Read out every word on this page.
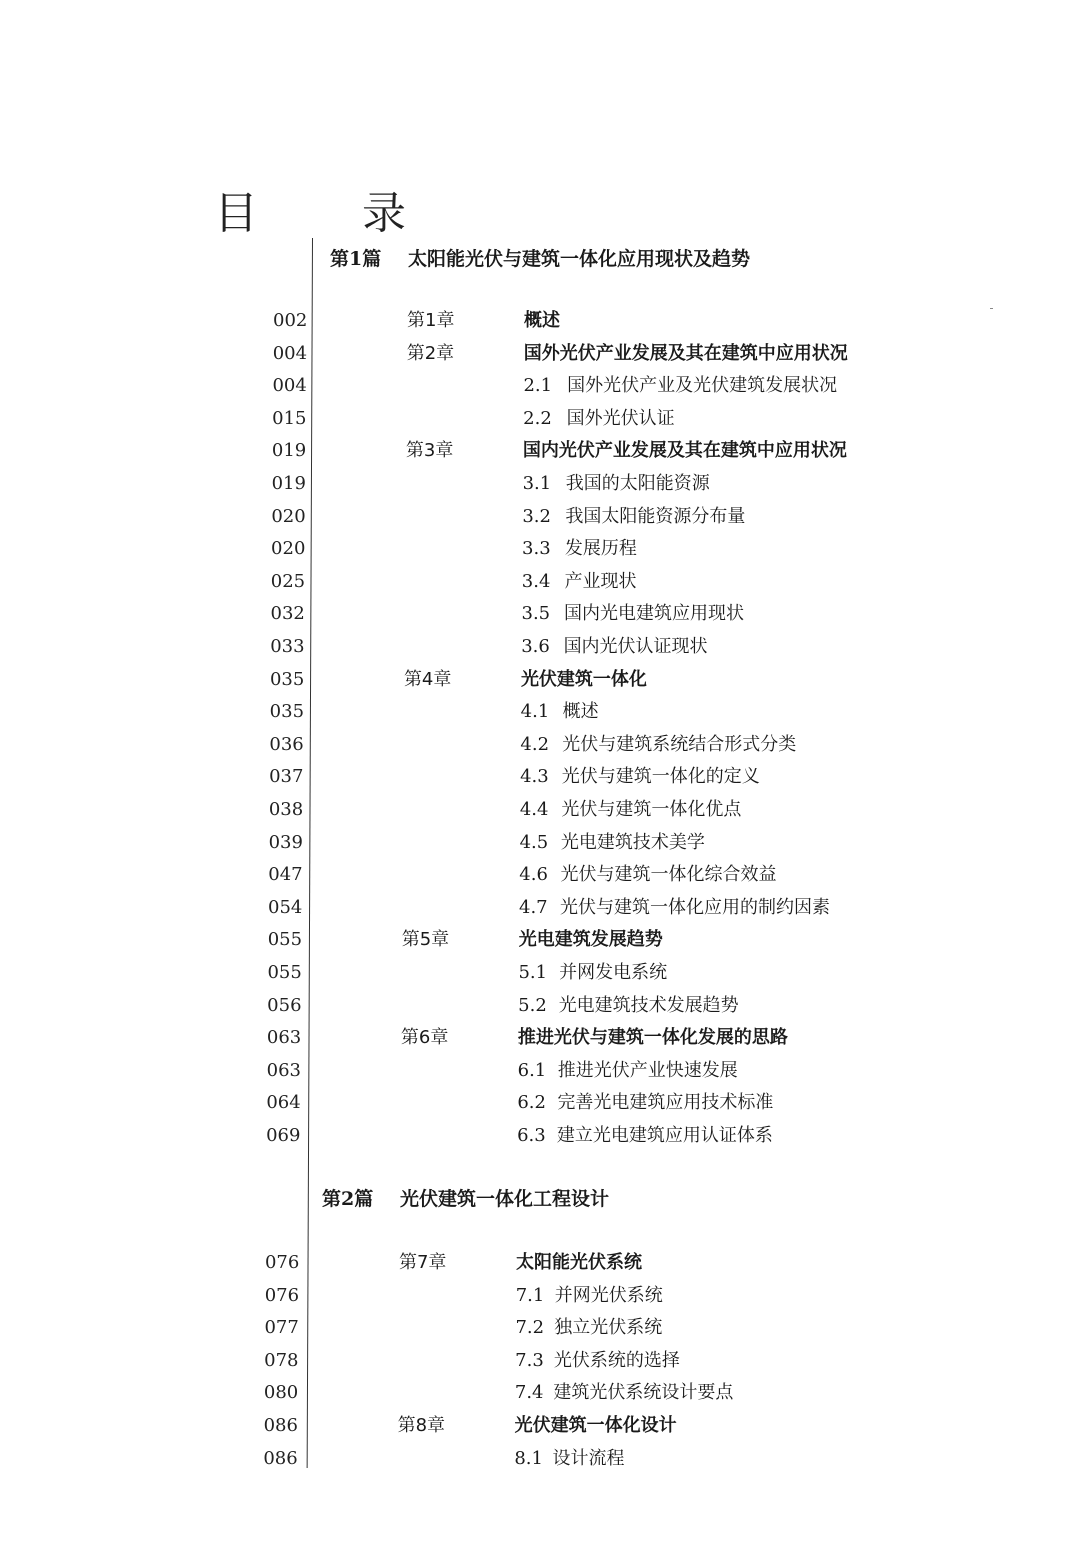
目　录
第1篇 太阳能光伏与建筑一体化应用现状及趋势
002	第1章	概述
004	第2章	国外光伏产业发展及其在建筑中应用状况
004	2.1 国外光伏产业及光伏建筑发展状况
015	2.2 国外光伏认证
019	第3章	国内光伏产业发展及其在建筑中应用状况
019	3.1 我国的太阳能资源
020	3.2 我国太阳能资源分布量
020	3.3 发展历程
025	3.4 产业现状
032	3.5 国内光电建筑应用现状
033	3.6 国内光伏认证现状
035	第4章	光伏建筑一体化
035	4.1 概述
036	4.2 光伏与建筑系统结合形式分类
037	4.3 光伏与建筑一体化的定义
038	4.4 光伏与建筑一体化优点
039	4.5 光电建筑技术美学
047	4.6 光伏与建筑一体化综合效益
054	4.7 光伏与建筑一体化应用的制约因素
055	第5章	光电建筑发展趋势
055	5.1 并网发电系统
056	5.2 光电建筑技术发展趋势
063	第6章	推进光伏与建筑一体化发展的思路
063	6.1 推进光伏产业快速发展
064	6.2 完善光电建筑应用技术标准
069	6.3 建立光电建筑应用认证体系
第2篇 光伏建筑一体化工程设计
076	第7章	太阳能光伏系统
076	7.1 并网光伏系统
077	7.2 独立光伏系统
078	7.3 光伏系统的选择
080	7.4 建筑光伏系统设计要点
086	第8章	光伏建筑一体化设计
086	8.1 设计流程
